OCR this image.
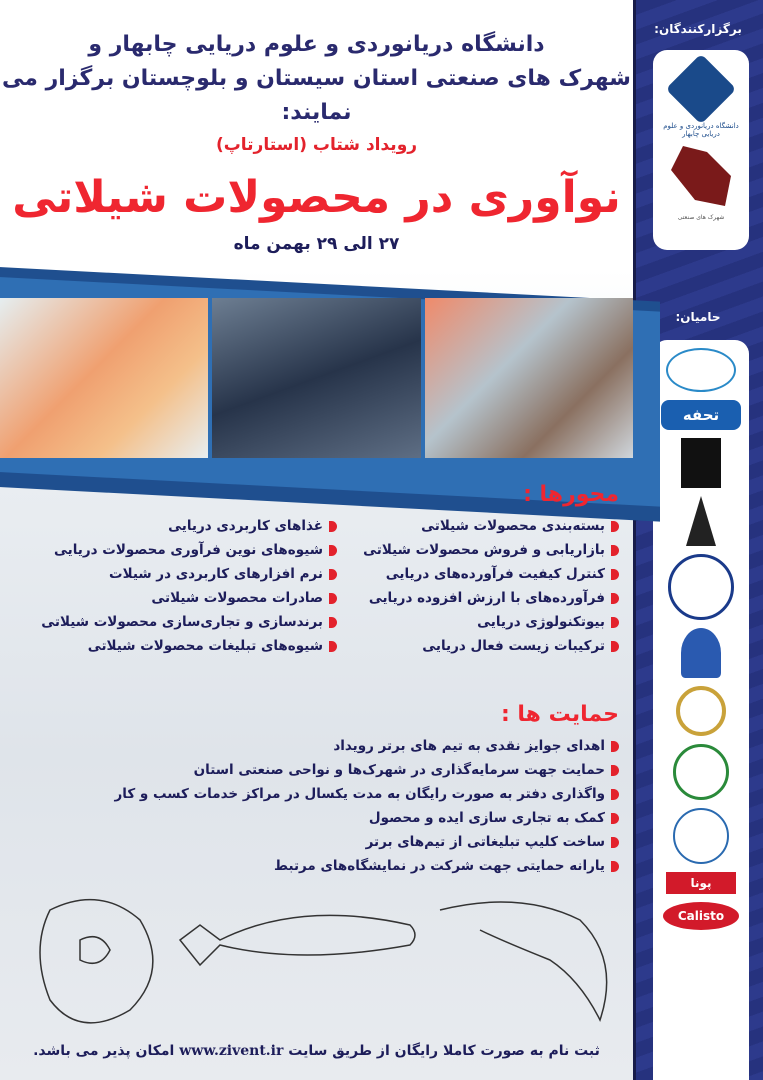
دانشگاه دریانوردی و علوم دریایی چابهار و
شهرک های صنعتی استان سیستان و بلوچستان برگزار می نمایند:
رویداد شتاب (استارتاپ)
نوآوری در محصولات شیلاتی
۲۷ الی ۲۹ بهمن ماه
محورها :
بسته‌بندی محصولات شیلاتی
بازاریابی و فروش محصولات شیلاتی
کنترل کیفیت فرآورده‌های دریایی
فرآورده‌های با ارزش افزوده دریایی
بیوتکنولوژی دریایی
ترکیبات زیست فعال دریایی
غذاهای کاربردی دریایی
شیوه‌های نوین فرآوری محصولات دریایی
نرم افزارهای کاربردی در شیلات
صادرات محصولات شیلاتی
برندسازی و تجاری‌سازی محصولات شیلاتی
شیوه‌های تبلیغات محصولات شیلاتی
حمایت ها :
اهدای جوایز نقدی به تیم های برتر رویداد
حمایت جهت سرمایه‌گذاری در شهرک‌ها و نواحی صنعتی استان
واگذاری دفتر به صورت رایگان به مدت یکسال در مراکز خدمات کسب و کار
کمک به تجاری سازی ایده و محصول
ساخت کلیپ تبلیغاتی از تیم‌های برتر
یارانه حمایتی جهت شرکت در نمایشگاه‌های مرتبط
ثبت نام به صورت کاملا رایگان از طریق سایت www.zivent.ir امکان پذیر می باشد.
برگزارکنندگان:
دانشگاه دریانوردی و علوم دریایی چابهار
شهرک های صنعتی
حامیان:
تحفه
پونا
Calisto
